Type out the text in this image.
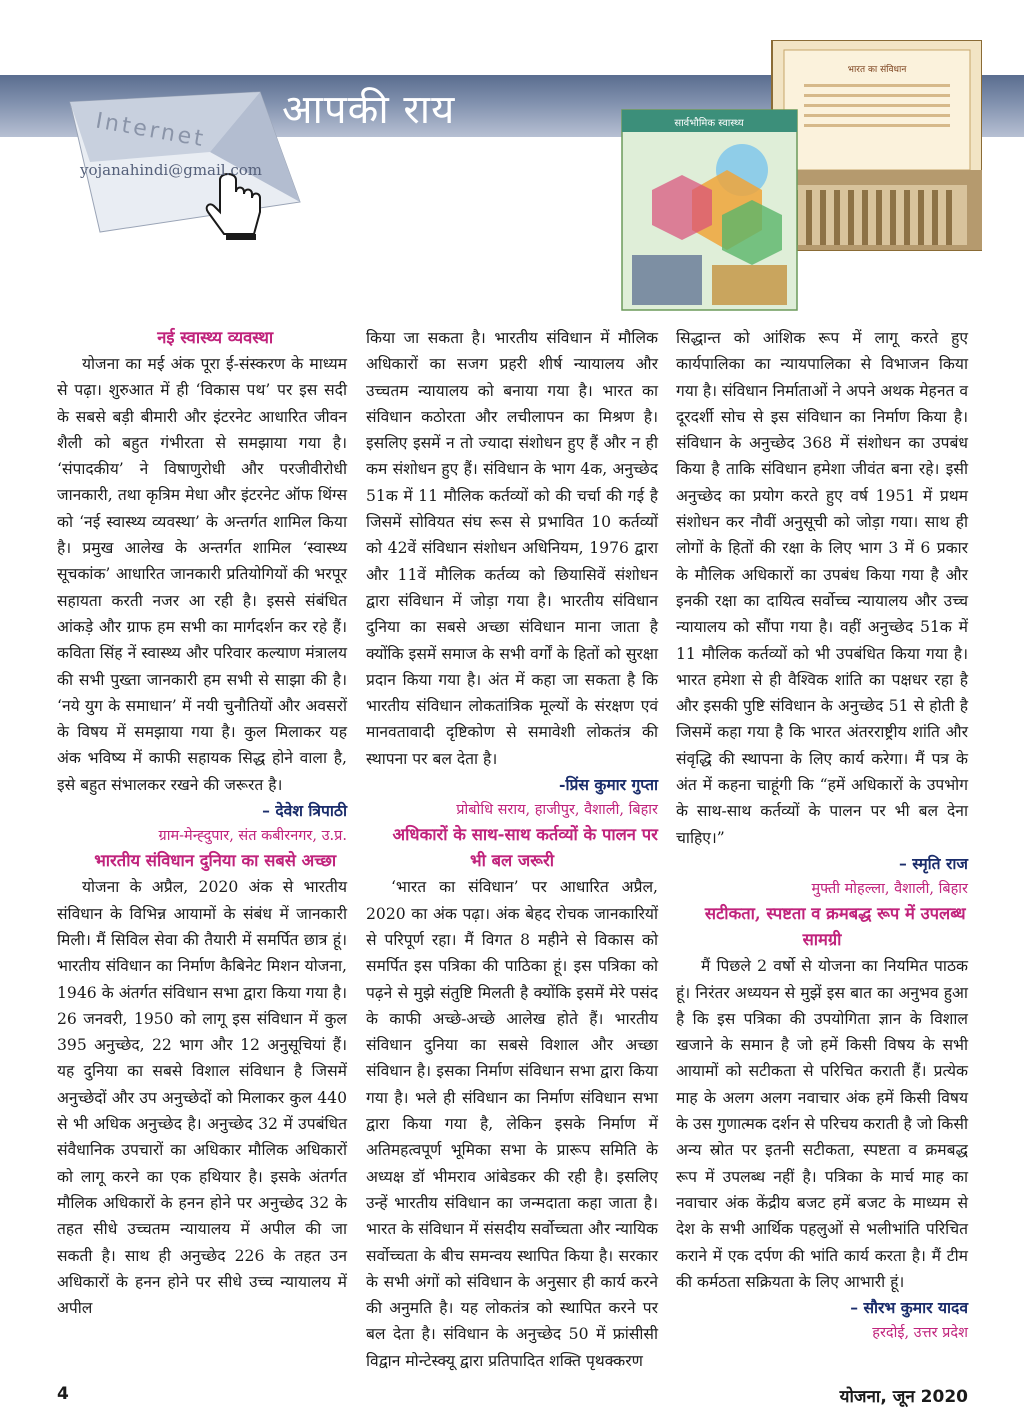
Internet
yojanahindi@gmail.com
आपकी राय
भारत का संविधान
सार्वभौमिक स्वास्थ्य

नई स्वास्थ्य व्यवस्था

योजना का मई अंक पूरा ई-संस्करण के माध्यम से पढ़ा। शुरुआत में ही ‘विकास पथ’ पर इस सदी के सबसे बड़ी बीमारी और इंटरनेट आधारित जीवन शैली को बहुत गंभीरता से समझाया गया है। ‘संपादकीय’ ने विषाणुरोधी और परजीवीरोधी जानकारी, तथा कृत्रिम मेधा और इंटरनेट ऑफ थिंग्स को ‘नई स्वास्थ्य व्यवस्था’ के अन्तर्गत शामिल किया है। प्रमुख आलेख के अन्तर्गत शामिल ‘स्वास्थ्य सूचकांक’ आधारित जानकारी प्रतियोगियों की भरपूर सहायता करती नजर आ रही है। इससे संबंधित आंकड़े और ग्राफ हम सभी का मार्गदर्शन कर रहे हैं। कविता सिंह नें स्वास्थ्य और परिवार कल्याण मंत्रालय की सभी पुख्ता जानकारी हम सभी से साझा की है। ‘नये युग के समाधान’ में नयी चुनौतियों और अवसरों के विषय में समझाया गया है। कुल मिलाकर यह अंक भविष्य में काफी सहायक सिद्ध होने वाला है, इसे बहुत संभालकर रखने की जरूरत है।

– देवेश त्रिपाठी
ग्राम-मेन्ह्दुपार, संत कबीरनगर, उ.प्र.

भारतीय संविधान दुनिया का सबसे अच्छा

योजना के अप्रैल, 2020 अंक से भारतीय संविधान के विभिन्न आयामों के संबंध में जानकारी मिली। मैं सिविल सेवा की तैयारी में समर्पित छात्र हूं। भारतीय संविधान का निर्माण कैबिनेट मिशन योजना, 1946 के अंतर्गत संविधान सभा द्वारा किया गया है। 26 जनवरी, 1950 को लागू इस संविधान में कुल 395 अनुच्छेद, 22 भाग और 12 अनुसूचियां हैं। यह दुनिया का सबसे विशाल संविधान है जिसमें अनुच्छेदों और उप अनुच्छेदों को मिलाकर कुल 440 से भी अधिक अनुच्छेद है। अनुच्छेद 32 में उपबंधित संवैधानिक उपचारों का अधिकार मौलिक अधिकारों को लागू करने का एक हथियार है। इसके अंतर्गत मौलिक अधिकारों के हनन होने पर अनुच्छेद 32 के तहत सीधे उच्चतम न्यायालय में अपील की जा सकती है। साथ ही अनुच्छेद 226 के तहत उन अधिकारों के हनन होने पर सीधे उच्च न्यायालय में अपील

किया जा सकता है। भारतीय संविधान में मौलिक अधिकारों का सजग प्रहरी शीर्ष न्यायालय और उच्चतम न्यायालय को बनाया गया है। भारत का संविधान कठोरता और लचीलापन का मिश्रण है। इसलिए इसमें न तो ज्यादा संशोधन हुए हैं और न ही कम संशोधन हुए हैं। संविधान के भाग 4क, अनुच्छेद 51क में 11 मौलिक कर्तव्यों को की चर्चा की गई है जिसमें सोवियत संघ रूस से प्रभावित 10 कर्तव्यों को 42वें संविधान संशोधन अधिनियम, 1976 द्वारा और 11वें मौलिक कर्तव्य को छियासिवें संशोधन द्वारा संविधान में जोड़ा गया है। भारतीय संविधान दुनिया का सबसे अच्छा संविधान माना जाता है क्योंकि इसमें समाज के सभी वर्गों के हितों को सुरक्षा प्रदान किया गया है। अंत में कहा जा सकता है कि भारतीय संविधान लोकतांत्रिक मूल्यों के संरक्षण एवं मानवतावादी दृष्टिकोण से समावेशी लोकतंत्र की स्थापना पर बल देता है।

-प्रिंस कुमार गुप्ता
प्रोबोधि सराय, हाजीपुर, वैशाली, बिहार

अधिकारों के साथ-साथ कर्तव्यों के पालन पर भी बल जरूरी

‘भारत का संविधान’ पर आधारित अप्रैल, 2020 का अंक पढ़ा। अंक बेहद रोचक जानकारियों से परिपूर्ण रहा। मैं विगत 8 महीने से विकास को समर्पित इस पत्रिका की पाठिका हूं। इस पत्रिका को पढ़ने से मुझे संतुष्टि मिलती है क्योंकि इसमें मेरे पसंद के काफी अच्छे-अच्छे आलेख होते हैं। भारतीय संविधान दुनिया का सबसे विशाल और अच्छा संविधान है। इसका निर्माण संविधान सभा द्वारा किया गया है। भले ही संविधान का निर्माण संविधान सभा द्वारा किया गया है, लेकिन इसके निर्माण में अतिमहत्वपूर्ण भूमिका सभा के प्रारूप समिति के अध्यक्ष डॉ भीमराव आंबेडकर की रही है। इसलिए उन्हें भारतीय संविधान का जन्मदाता कहा जाता है। भारत के संविधान में संसदीय सर्वोच्चता और न्यायिक सर्वोच्चता के बीच समन्वय स्थापित किया है। सरकार के सभी अंगों को संविधान के अनुसार ही कार्य करने की अनुमति है। यह लोकतंत्र को स्थापित करने पर बल देता है। संविधान के अनुच्छेद 50 में फ्रांसीसी विद्वान मोन्टेस्क्यू द्वारा प्रतिपादित शक्ति पृथक्करण

सिद्धान्त को आंशिक रूप में लागू करते हुए कार्यपालिका का न्यायपालिका से विभाजन किया गया है। संविधान निर्माताओं ने अपने अथक मेहनत व दूरदर्शी सोच से इस संविधान का निर्माण किया है। संविधान के अनुच्छेद 368 में संशोधन का उपबंध किया है ताकि संविधान हमेशा जीवंत बना रहे। इसी अनुच्छेद का प्रयोग करते हुए वर्ष 1951 में प्रथम संशोधन कर नौवीं अनुसूची को जोड़ा गया। साथ ही लोगों के हितों की रक्षा के लिए भाग 3 में 6 प्रकार के मौलिक अधिकारों का उपबंध किया गया है और इनकी रक्षा का दायित्व सर्वोच्च न्यायालय और उच्च न्यायालय को सौंपा गया है। वहीं अनुच्छेद 51क में 11 मौलिक कर्तव्यों को भी उपबंधित किया गया है। भारत हमेशा से ही वैश्विक शांति का पक्षधर रहा है और इसकी पुष्टि संविधान के अनुच्छेद 51 से होती है जिसमें कहा गया है कि भारत अंतरराष्ट्रीय शांति और संवृद्धि की स्थापना के लिए कार्य करेगा। मैं पत्र के अंत में कहना चाहूंगी कि “हमें अधिकारों के उपभोग के साथ-साथ कर्तव्यों के पालन पर भी बल देना चाहिए।”

– स्मृति राज
मुफ्ती मोहल्ला, वैशाली, बिहार

सटीकता, स्पष्टता व क्रमबद्ध रूप में उपलब्ध सामग्री

मैं पिछले 2 वर्षो से योजना का नियमित पाठक हूं। निरंतर अध्ययन से मुझें इस बात का अनुभव हुआ है कि इस पत्रिका की उपयोगिता ज्ञान के विशाल खजाने के समान है जो हमें किसी विषय के सभी आयामों को सटीकता से परिचित कराती हैं। प्रत्येक माह के अलग अलग नवाचार अंक हमें किसी विषय के उस गुणात्मक दर्शन से परिचय कराती है जो किसी अन्य स्रोत पर इतनी सटीकता, स्पष्टता व क्रमबद्ध रूप में उपलब्ध नहीं है। पत्रिका के मार्च माह का नवाचार अंक केंद्रीय बजट हमें बजट के माध्यम से देश के सभी आर्थिक पहलुओं से भलीभांति परिचित कराने में एक दर्पण की भांति कार्य करता है। मैं टीम की कर्मठता सक्रियता के लिए आभारी हूं।

– सौरभ कुमार यादव
हरदोई, उत्तर प्रदेश
4	योजना, जून 2020
